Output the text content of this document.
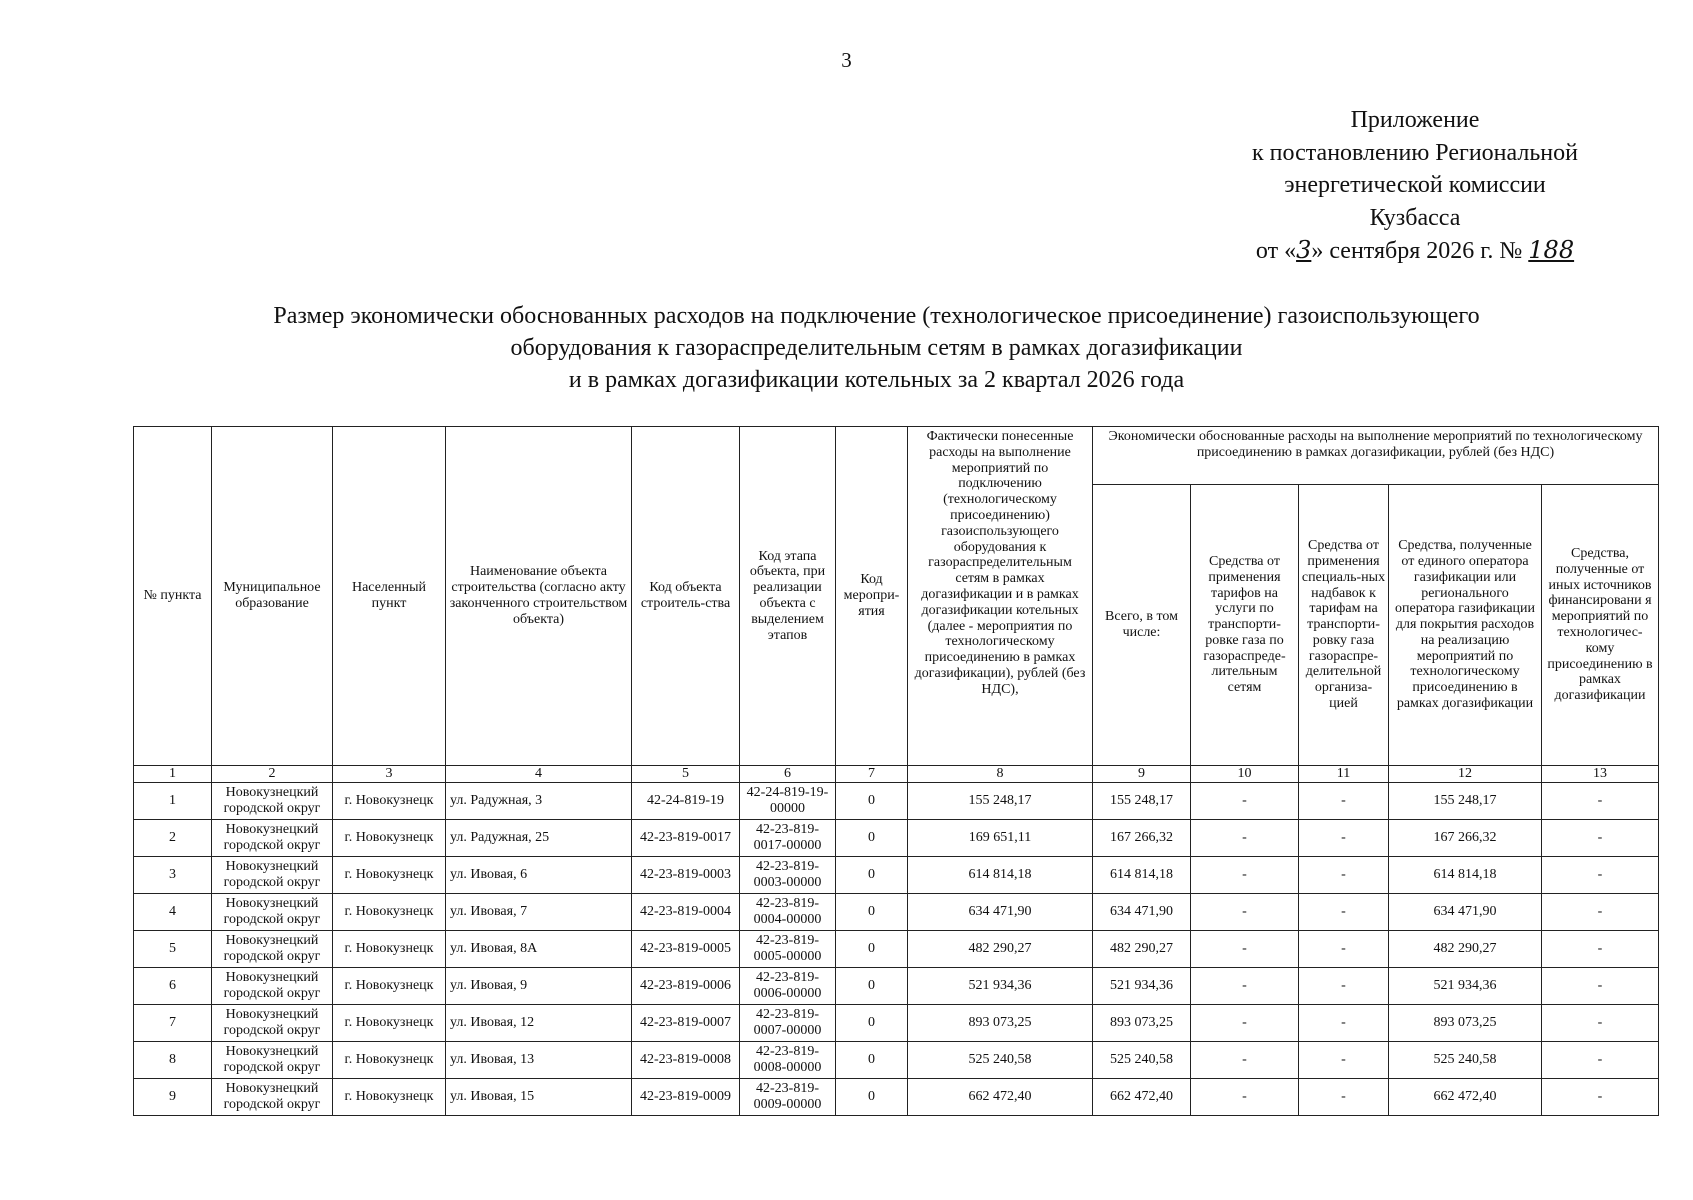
3
Приложение
к постановлению Региональной
энергетической комиссии
Кузбасса
от «3» сентября 2026 г. № 188
Размер экономически обоснованных расходов на подключение (технологическое присоединение) газоиспользующего
оборудования к газораспределительным сетям в рамках догазификации
и в рамках догазификации котельных за 2 квартал 2026 года
№ пункта	Муниципальное образование	Населенный пункт	Наименование объекта строительства (согласно акту законченного строительством объекта)	Код объекта строитель-ства	Код этапа объекта, при реализации объекта с выделением этапов	Код меропри-ятия	Фактически понесенные расходы на выполнение мероприятий по подключению (технологическому присоединению) газоиспользующего оборудования к газораспределительным сетям в рамках догазификации и в рамках догазификации котельных (далее - мероприятия по технологическому присоединению в рамках догазификации), рублей (без НДС),	Экономически обоснованные расходы на выполнение мероприятий по технологическому присоединению в рамках догазификации, рублей (без НДС)				
								Всего, в том числе:	Средства от применения тарифов на услуги по транспорти-ровке газа по газораспреде-лительным сетям	Средства от применения специаль-ных надбавок к тарифам на транспорти-ровку газа газораспре-делительной организа-цией	Средства, полученные от единого оператора газификации или регионального оператора газификации для покрытия расходов на реализацию мероприятий по технологическому присоединению в рамках догазификации	Средства, полученные от иных источников финансировани я мероприятий по технологичес-кому присоединению в рамках догазификации
1	2	3	4	5	6	7	8	9	10	11	12	13
1	Новокузнецкий городской округ	г. Новокузнецк	ул. Радужная, 3	42-24-819-19	42-24-819-19-00000	0	155 248,17	155 248,17	-	-	155 248,17	-
2	Новокузнецкий городской округ	г. Новокузнецк	ул. Радужная, 25	42-23-819-0017	42-23-819-0017-00000	0	169 651,11	167 266,32	-	-	167 266,32	-
3	Новокузнецкий городской округ	г. Новокузнецк	ул. Ивовая, 6	42-23-819-0003	42-23-819-0003-00000	0	614 814,18	614 814,18	-	-	614 814,18	-
4	Новокузнецкий городской округ	г. Новокузнецк	ул. Ивовая, 7	42-23-819-0004	42-23-819-0004-00000	0	634 471,90	634 471,90	-	-	634 471,90	-
5	Новокузнецкий городской округ	г. Новокузнецк	ул. Ивовая, 8А	42-23-819-0005	42-23-819-0005-00000	0	482 290,27	482 290,27	-	-	482 290,27	-
6	Новокузнецкий городской округ	г. Новокузнецк	ул. Ивовая, 9	42-23-819-0006	42-23-819-0006-00000	0	521 934,36	521 934,36	-	-	521 934,36	-
7	Новокузнецкий городской округ	г. Новокузнецк	ул. Ивовая, 12	42-23-819-0007	42-23-819-0007-00000	0	893 073,25	893 073,25	-	-	893 073,25	-
8	Новокузнецкий городской округ	г. Новокузнецк	ул. Ивовая, 13	42-23-819-0008	42-23-819-0008-00000	0	525 240,58	525 240,58	-	-	525 240,58	-
9	Новокузнецкий городской округ	г. Новокузнецк	ул. Ивовая, 15	42-23-819-0009	42-23-819-0009-00000	0	662 472,40	662 472,40	-	-	662 472,40	-
